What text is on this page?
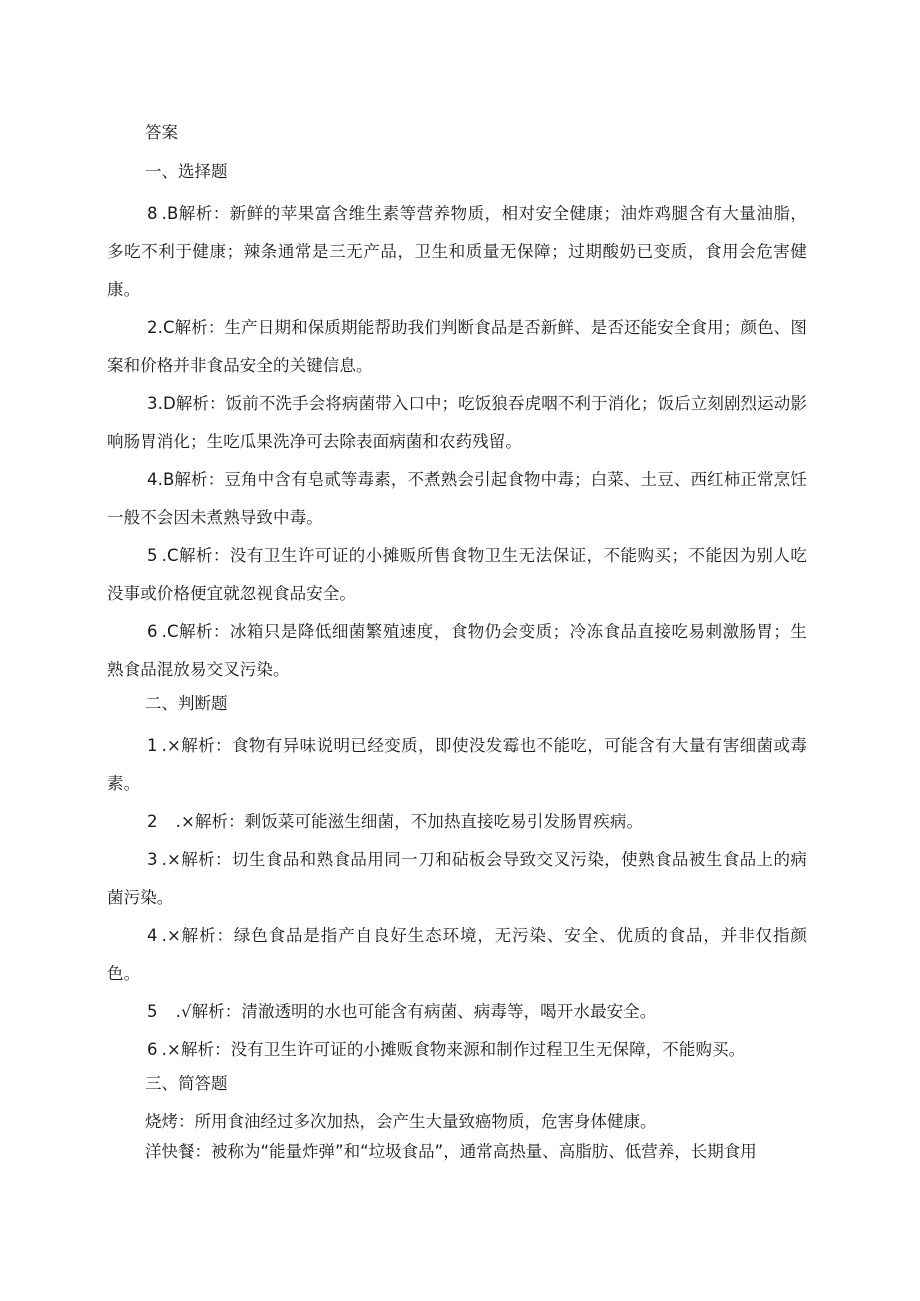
答案
一、选择题

8 .B解析：新鲜的苹果富含维生素等营养物质，相对安全健康；油炸鸡腿含有大量油脂，多吃不利于健康；辣条通常是三无产品，卫生和质量无保障；过期酸奶已变质，食用会危害健康。

2.C解析：生产日期和保质期能帮助我们判断食品是否新鲜、是否还能安全食用；颜色、图案和价格并非食品安全的关键信息。

3.D解析：饭前不洗手会将病菌带入口中；吃饭狼吞虎咽不利于消化；饭后立刻剧烈运动影响肠胃消化；生吃瓜果洗净可去除表面病菌和农药残留。

4.B解析：豆角中含有皂贰等毒素，不煮熟会引起食物中毒；白菜、土豆、西红柿正常烹饪一般不会因未煮熟导致中毒。

5 .C解析：没有卫生许可证的小摊贩所售食物卫生无法保证，不能购买；不能因为别人吃没事或价格便宜就忽视食品安全。

6 .C解析：冰箱只是降低细菌繁殖速度，食物仍会变质；冷冻食品直接吃易刺激肠胃；生熟食品混放易交叉污染。

二、判断题

1 .×解析：食物有异味说明已经变质，即使没发霉也不能吃，可能含有大量有害细菌或毒素。

2 .×解析：剩饭菜可能滋生细菌，不加热直接吃易引发肠胃疾病。

3 .×解析：切生食品和熟食品用同一刀和砧板会导致交叉污染，使熟食品被生食品上的病菌污染。

4 .×解析：绿色食品是指产自良好生态环境，无污染、安全、优质的食品，并非仅指颜色。

5 .√解析：清澈透明的水也可能含有病菌、病毒等，喝开水最安全。

6 .×解析：没有卫生许可证的小摊贩食物来源和制作过程卫生无保障，不能购买。

三、简答题
烧烤：所用食油经过多次加热，会产生大量致癌物质，危害身体健康。
洋快餐：被称为“能量炸弹”和“垃圾食品”，通常高热量、高脂肪、低营养，长期食用
